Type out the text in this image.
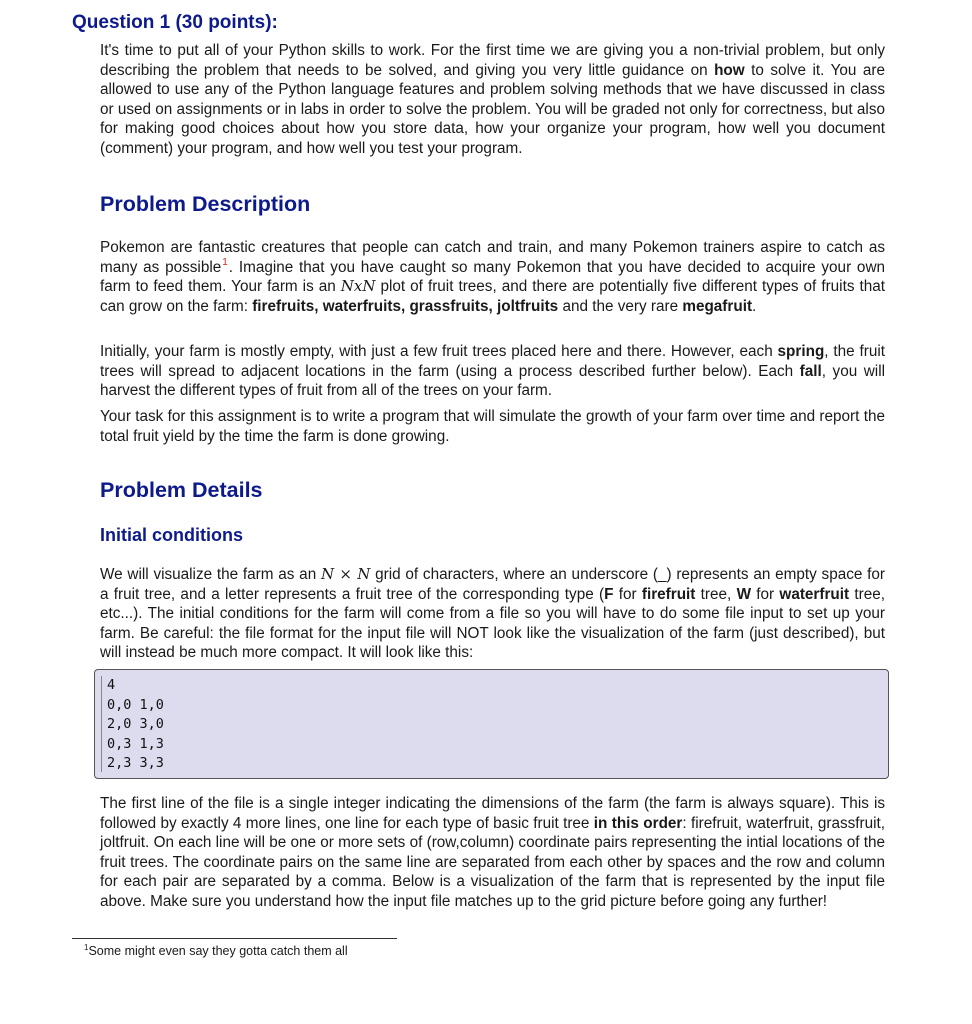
Question 1 (30 points):

It's time to put all of your Python skills to work. For the first time we are giving you a non-trivial problem, but only describing the problem that needs to be solved, and giving you very little guidance on how to solve it. You are allowed to use any of the Python language features and problem solving methods that we have discussed in class or used on assignments or in labs in order to solve the problem. You will be graded not only for correctness, but also for making good choices about how you store data, how your organize your program, how well you document (comment) your program, and how well you test your program.

Problem Description

Pokemon are fantastic creatures that people can catch and train, and many Pokemon trainers aspire to catch as many as possible$^1$. Imagine that you have caught so many Pokemon that you have decided to acquire your own farm to feed them. Your farm is an NxN plot of fruit trees, and there are potentially five different types of fruits that can grow on the farm: firefruits, waterfruits, grassfruits, joltfruits and the very rare megafruit.

Initially, your farm is mostly empty, with just a few fruit trees placed here and there. However, each spring, the fruit trees will spread to adjacent locations in the farm (using a process described further below). Each fall, you will harvest the different types of fruit from all of the trees on your farm.

Your task for this assignment is to write a program that will simulate the growth of your farm over time and report the total fruit yield by the time the farm is done growing.

Problem Details
Initial conditions

We will visualize the farm as an N × N grid of characters, where an underscore (_) represents an empty space for a fruit tree, and a letter represents a fruit tree of the corresponding type (F for firefruit tree, W for waterfruit tree, etc...). The initial conditions for the farm will come from a file so you will have to do some file input to set up your farm. Be careful: the file format for the input file will NOT look like the visualization of the farm (just described), but will instead be much more compact. It will look like this:

4
0,0 1,0
2,0 3,0
0,3 1,3
2,3 3,3

The first line of the file is a single integer indicating the dimensions of the farm (the farm is always square). This is followed by exactly 4 more lines, one line for each type of basic fruit tree in this order: firefruit, waterfruit, grassfruit, joltfruit. On each line will be one or more sets of (row,column) coordinate pairs representing the intial locations of the fruit trees. The coordinate pairs on the same line are separated from each other by spaces and the row and column for each pair are separated by a comma. Below is a visualization of the farm that is represented by the input file above. Make sure you understand how the input file matches up to the grid picture before going any further!

$^1$Some might even say they gotta catch them all
